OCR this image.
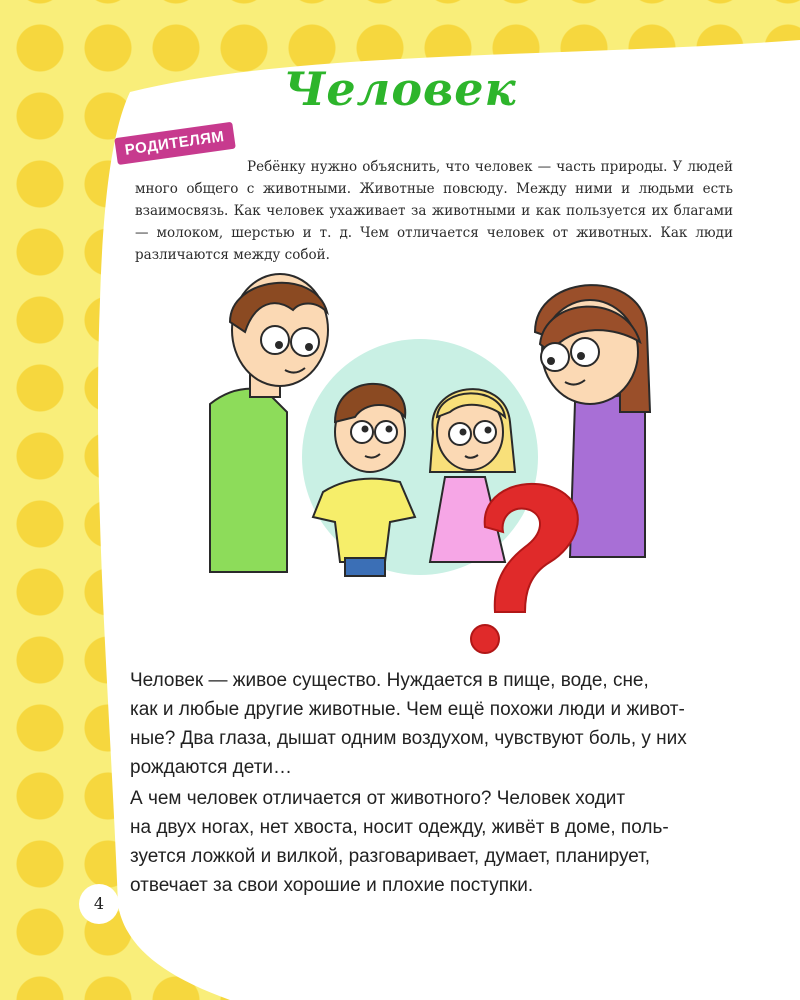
Человек
РОДИТЕЛЯМ

Ребёнку нужно объяснить, что человек — часть природы. У людей много общего с животными. Животные повсюду. Между ними и людьми есть взаимосвязь. Как человек ухаживает за животными и как пользуется их благами — молоком, шерстью и т. д. Чем отличается человек от животных. Как люди различаются между собой.

Человек — живое существо. Нуждается в пище, воде, сне,
как и любые другие животные. Чем ещё похожи люди и живот-
ные? Два глаза, дышат одним воздухом, чувствуют боль, у них
рождаются дети…
А чем человек отличается от животного? Человек ходит
на двух ногах, нет хвоста, носит одежду, живёт в доме, поль-
зуется ложкой и вилкой, разговаривает, думает, планирует,
отвечает за свои хорошие и плохие поступки.
4
